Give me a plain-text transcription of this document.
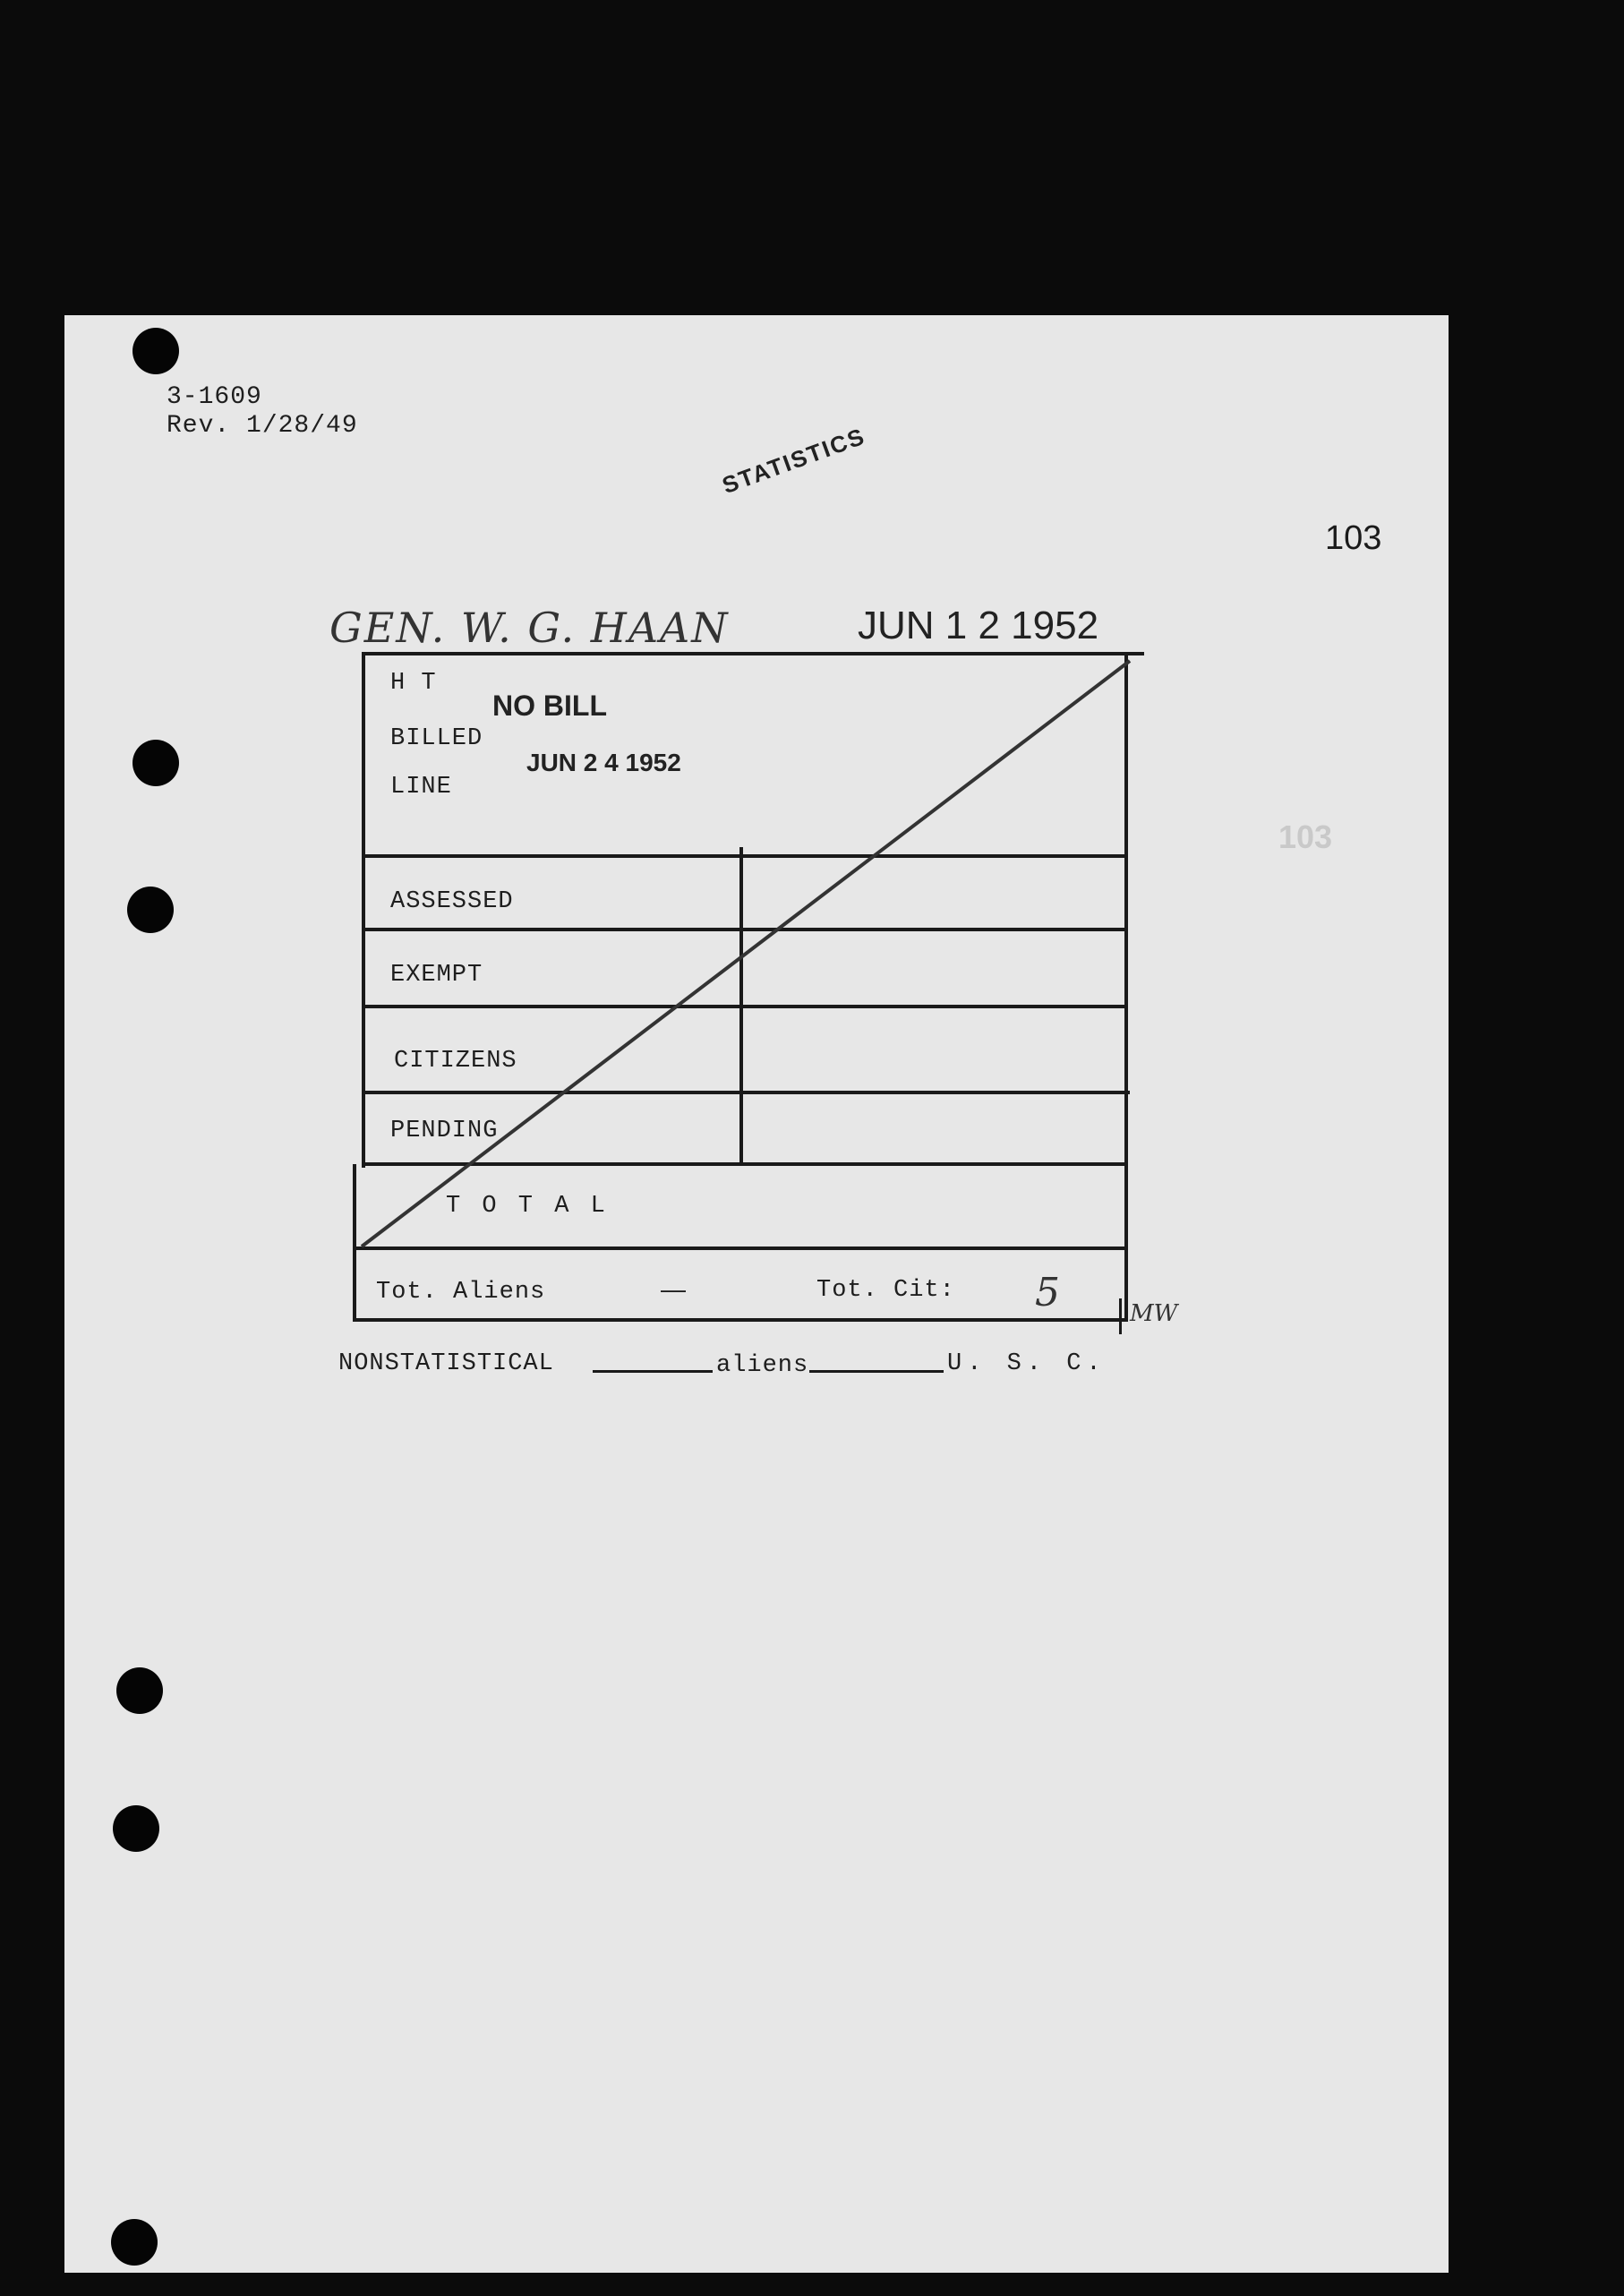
3-1609
Rev. 1/28/49	STATISTICS
103
103
GEN. W. G. HAAN	JUN 1 2 1952
H T
BILLED
LINE
NO BILL
JUN 2 4 1952
ASSESSED
EXEMPT
CITIZENS
PENDING
T O T A L
Tot. Aliens	—	Tot. Cit: 5	MW
NONSTATISTICAL	aliens	U. S. C.
